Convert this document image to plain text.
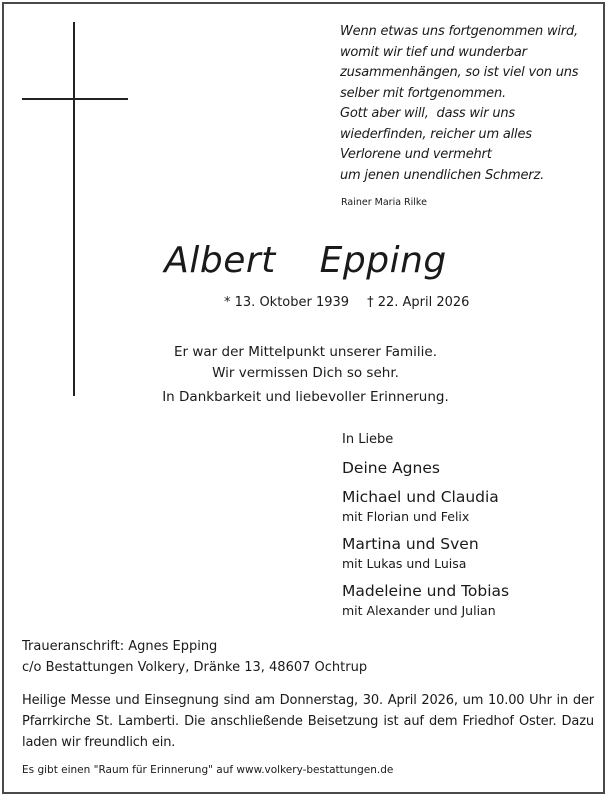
Wenn etwas uns fortgenommen wird,
womit wir tief und wunderbar
zusammenhängen, so ist viel von uns
selber mit fortgenommen.
Gott aber will,  dass wir uns
wiederfinden, reicher um alles
Verlorene und vermehrt
um jenen unendlichen Schmerz.
Rainer Maria Rilke
Albert  Epping
* 13. Oktober 1939 † 22. April 2026
Er war der Mittelpunkt unserer Familie.
Wir vermissen Dich so sehr.
In Dankbarkeit und liebevoller Erinnerung.
In Liebe
Deine Agnes
Michael und Claudia
mit Florian und Felix
Martina und Sven
mit Lukas und Luisa
Madeleine und Tobias
mit Alexander und Julian
Traueranschrift: Agnes Epping
c/o Bestattungen Volkery, Dränke 13, 48607 Ochtrup
Heilige Messe und Einsegnung sind am Donnerstag, 30. April 2026, um 10.00 Uhr in der Pfarrkirche St. Lamberti. Die anschließende Beisetzung ist auf dem Friedhof Oster. Dazu laden wir freundlich ein.
Es gibt einen "Raum für Erinnerung" auf www.volkery-bestattungen.de
